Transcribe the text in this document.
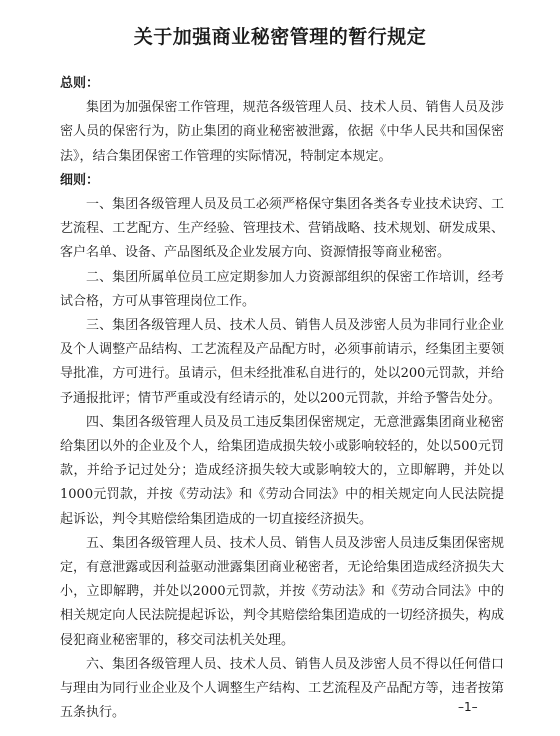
关于加强商业秘密管理的暂行规定

总则：

集团为加强保密工作管理，规范各级管理人员、技术人员、销售人员及涉密人员的保密行为，防止集团的商业秘密被泄露，依据《中华人民共和国保密法》，结合集团保密工作管理的实际情况，特制定本规定。

细则：

一、集团各级管理人员及员工必须严格保守集团各类各专业技术诀窍、工艺流程、工艺配方、生产经验、管理技术、营销战略、技术规划、研发成果、客户名单、设备、产品图纸及企业发展方向、资源情报等商业秘密。

二、集团所属单位员工应定期参加人力资源部组织的保密工作培训，经考试合格，方可从事管理岗位工作。

三、集团各级管理人员、技术人员、销售人员及涉密人员为非同行业企业及个人调整产品结构、工艺流程及产品配方时，必须事前请示，经集团主要领导批准，方可进行。虽请示，但未经批准私自进行的，处以200元罚款，并给予通报批评；情节严重或没有经请示的，处以200元罚款，并给予警告处分。

四、集团各级管理人员及员工违反集团保密规定，无意泄露集团商业秘密给集团以外的企业及个人，给集团造成损失较小或影响较轻的，处以500元罚款，并给予记过处分；造成经济损失较大或影响较大的，立即解聘，并处以1000元罚款，并按《劳动法》和《劳动合同法》中的相关规定向人民法院提起诉讼，判令其赔偿给集团造成的一切直接经济损失。

五、集团各级管理人员、技术人员、销售人员及涉密人员违反集团保密规定，有意泄露或因利益驱动泄露集团商业秘密者，无论给集团造成经济损失大小，立即解聘，并处以2000元罚款，并按《劳动法》和《劳动合同法》中的相关规定向人民法院提起诉讼，判令其赔偿给集团造成的一切经济损失，构成侵犯商业秘密罪的，移交司法机关处理。

六、集团各级管理人员、技术人员、销售人员及涉密人员不得以任何借口与理由为同行业企业及个人调整生产结构、工艺流程及产品配方等，违者按第五条执行。	–1–
